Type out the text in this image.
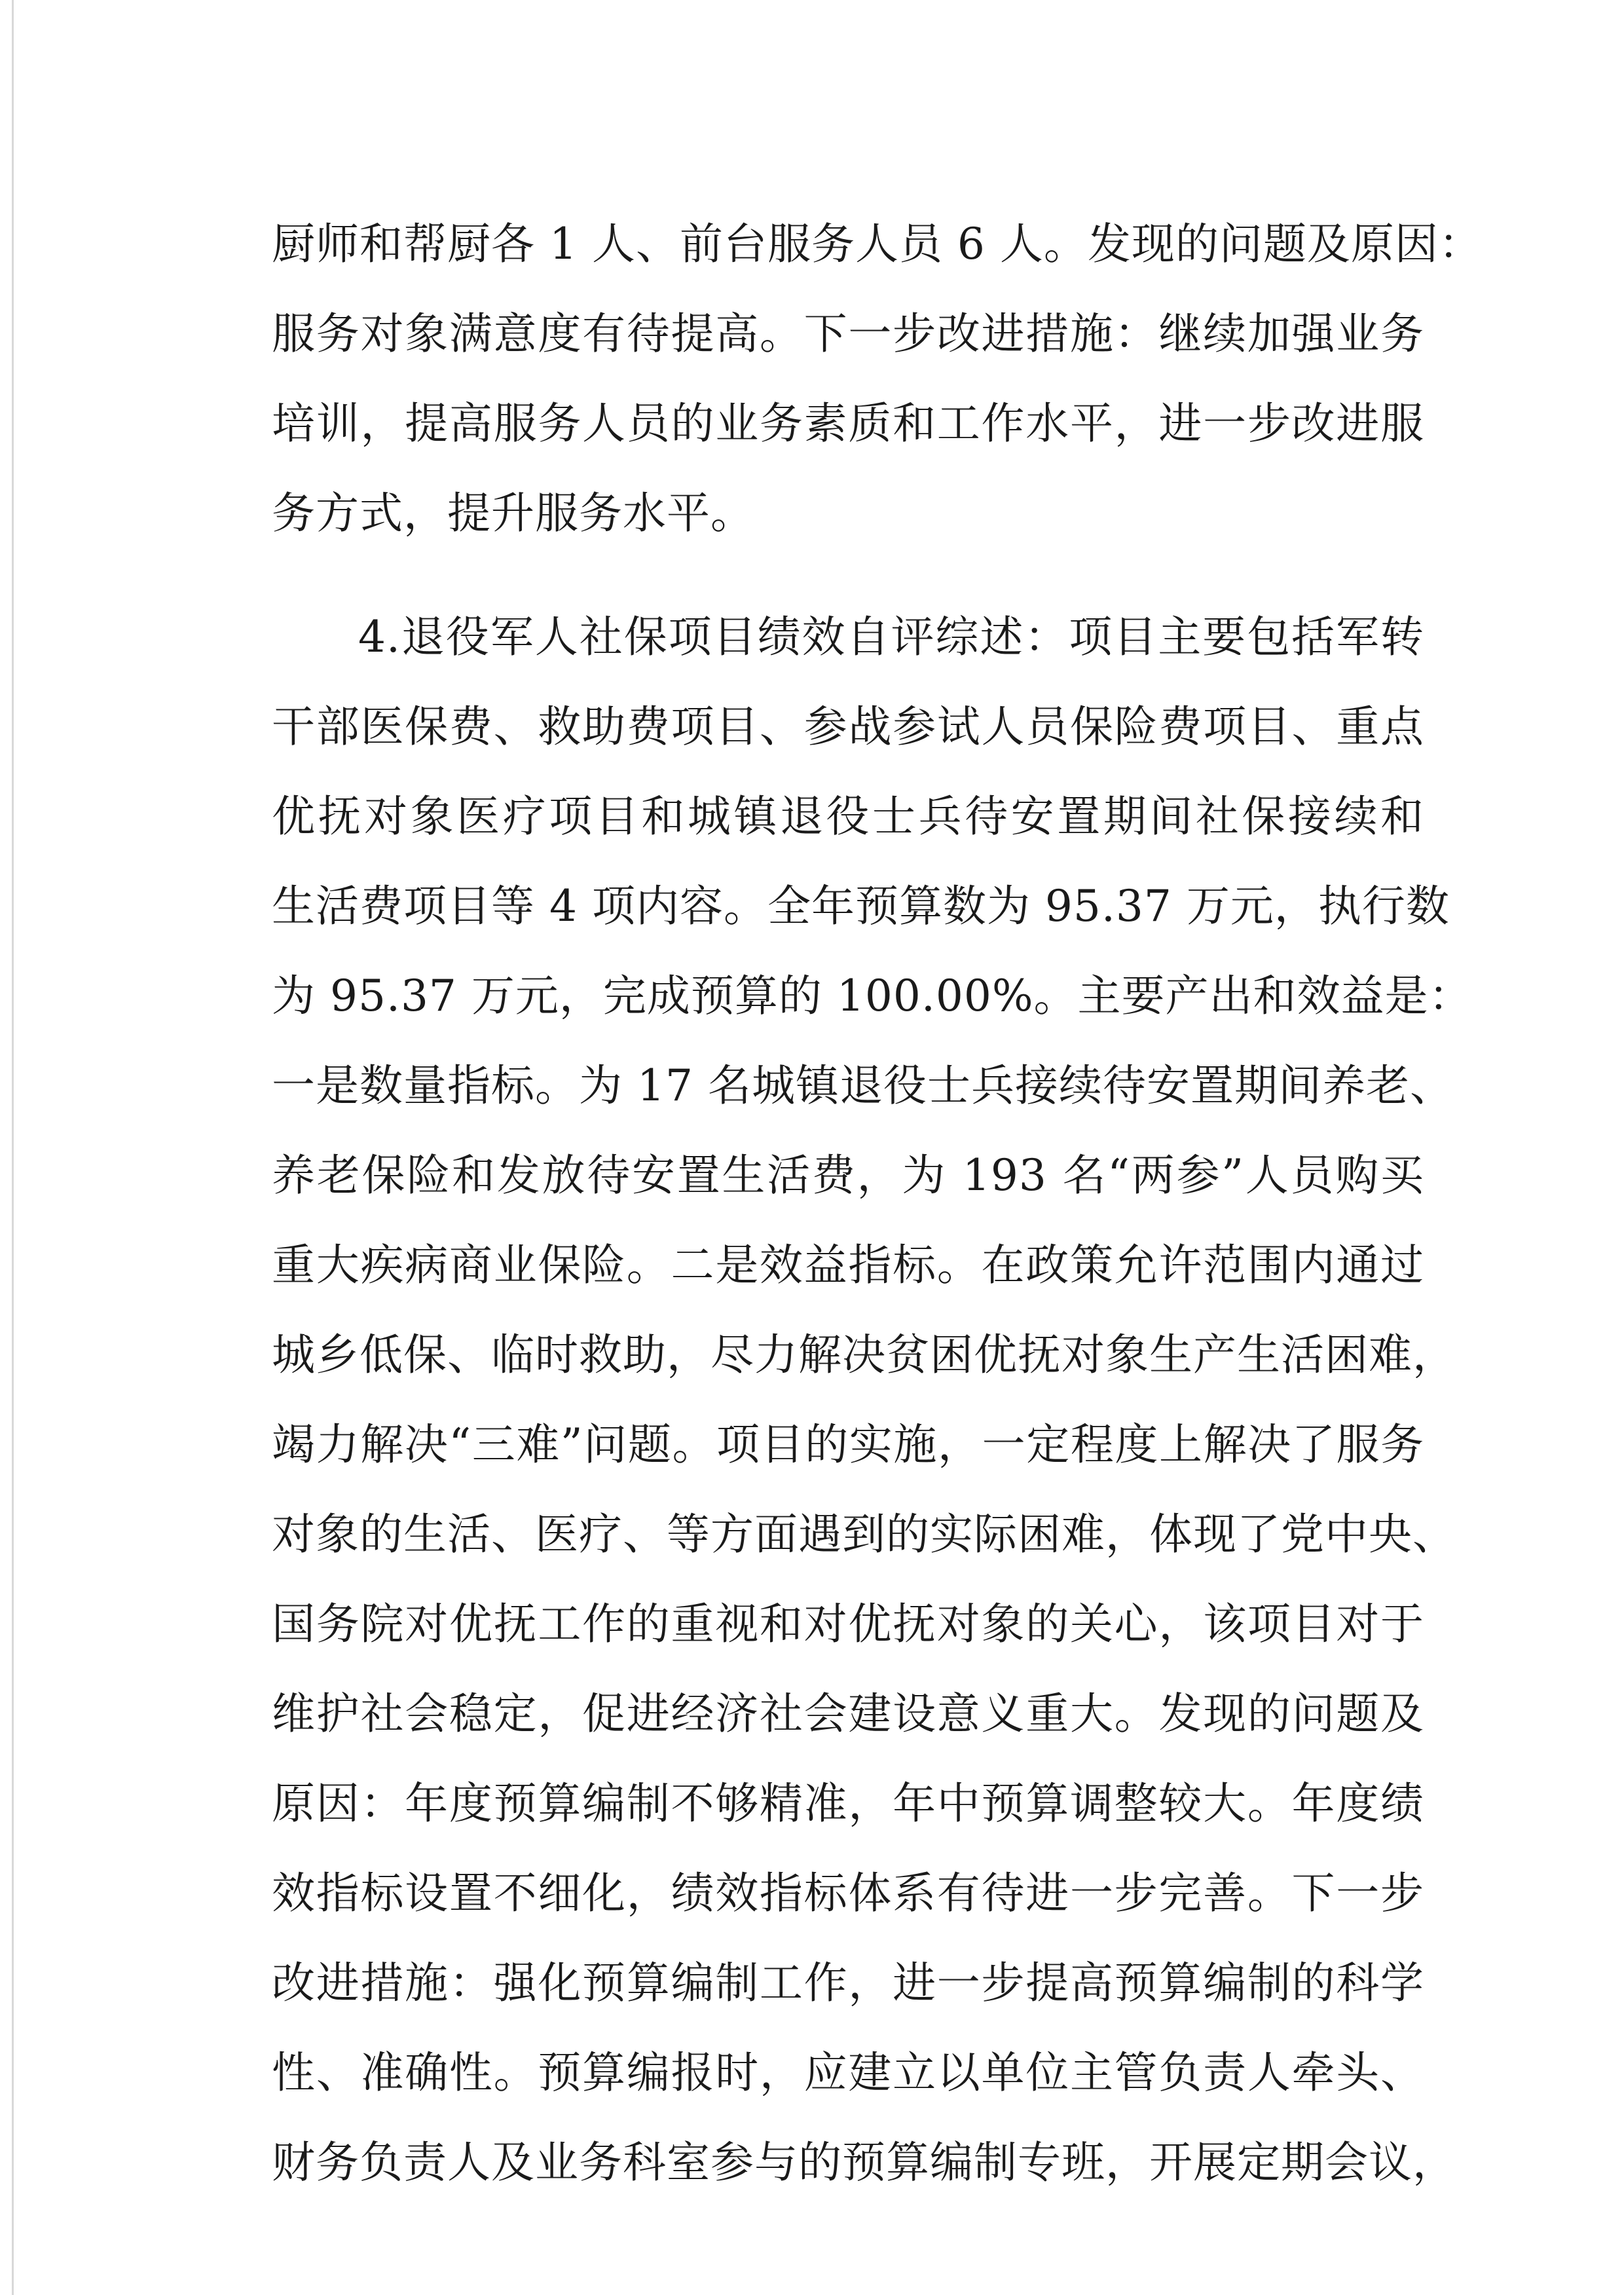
厨师和帮厨各 1 人、前台服务人员 6 人。发现的问题及原因：
服务对象满意度有待提高。下一步改进措施：继续加强业务
培训，提高服务人员的业务素质和工作水平，进一步改进服
务方式，提升服务水平。
4.退役军人社保项目绩效自评综述：项目主要包括军转
干部医保费、救助费项目、参战参试人员保险费项目、重点
优抚对象医疗项目和城镇退役士兵待安置期间社保接续和
生活费项目等 4 项内容。全年预算数为 95.37 万元，执行数
为 95.37 万元，完成预算的 100.00%。主要产出和效益是：
一是数量指标。为 17 名城镇退役士兵接续待安置期间养老、
养老保险和发放待安置生活费，为 193 名“两参”人员购买
重大疾病商业保险。二是效益指标。在政策允许范围内通过
城乡低保、临时救助，尽力解决贫困优抚对象生产生活困难，
竭力解决“三难”问题。项目的实施，一定程度上解决了服务
对象的生活、医疗、等方面遇到的实际困难，体现了党中央、
国务院对优抚工作的重视和对优抚对象的关心，该项目对于
维护社会稳定，促进经济社会建设意义重大。发现的问题及
原因：年度预算编制不够精准，年中预算调整较大。年度绩
效指标设置不细化，绩效指标体系有待进一步完善。下一步
改进措施：强化预算编制工作，进一步提高预算编制的科学
性、准确性。预算编报时，应建立以单位主管负责人牵头、
财务负责人及业务科室参与的预算编制专班，开展定期会议，
